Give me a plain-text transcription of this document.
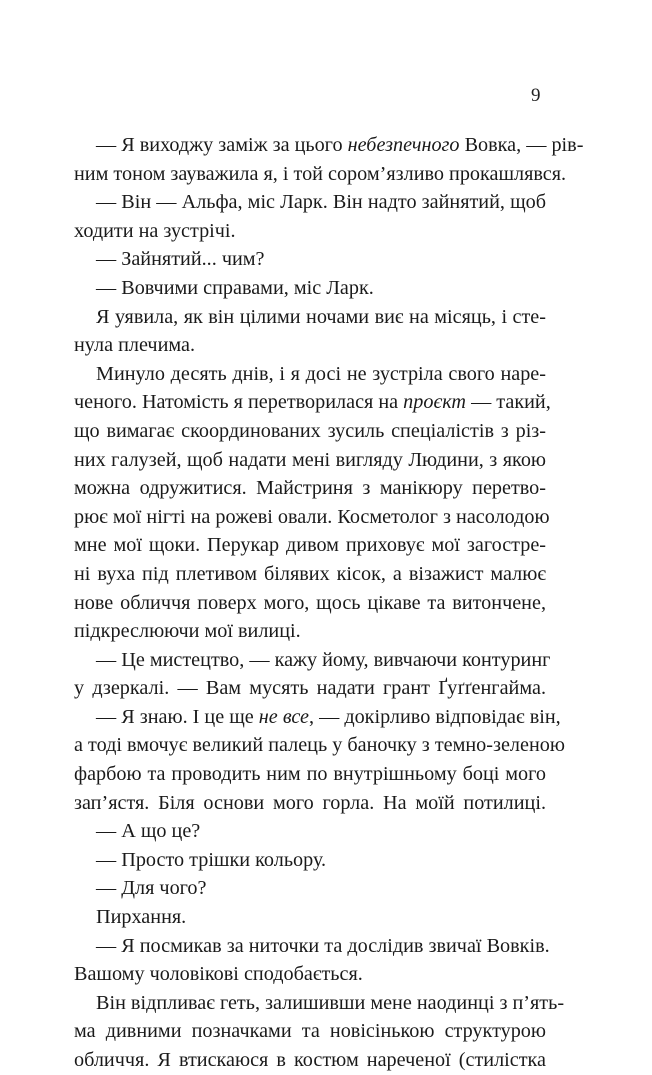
9
— Я виходжу заміж за цього небезпечного Вовка, — рів-
ним тоном зауважила я, і той сором’язливо прокашлявся.
— Він — Альфа, міс Ларк. Він надто зайнятий, щоб
ходити на зустрічі.
— Зайнятий... чим?
— Вовчими справами, міс Ларк.
Я уявила, як він цілими ночами виє на місяць, і сте-
нула плечима.
Минуло десять днів, і я досі не зустріла свого наре-
ченого. Натомість я перетворилася на проєкт — такий,
що вимагає скоординованих зусиль спеціалістів з різ-
них галузей, щоб надати мені вигляду Людини, з якою
можна одружитися. Майстриня з манікюру перетво-
рює мої нігті на рожеві овали. Косметолог з насолодою
мне мої щоки. Перукар дивом приховує мої загостре-
ні вуха під плетивом білявих кісок, а візажист малює
нове обличчя поверх мого, щось цікаве та витончене,
підкреслюючи мої вилиці.
— Це мистецтво, — кажу йому, вивчаючи контуринг
у дзеркалі. — Вам мусять надати грант Ґуґґенгайма.
— Я знаю. І це ще не все, — докірливо відповідає він,
а тоді вмочує великий палець у баночку з темно-зеленою
фарбою та проводить ним по внутрішньому боці мого
зап’ястя. Біля основи мого горла. На моїй потилиці.
— А що це?
— Просто трішки кольору.
— Для чого?
Пирхання.
— Я посмикав за ниточки та дослідив звичаї Вовків.
Вашому чоловікові сподобається.
Він відпливає геть, залишивши мене наодинці з п’ять-
ма дивними позначками та новісінькою структурою
обличчя. Я втискаюся в костюм нареченої (стилістка
